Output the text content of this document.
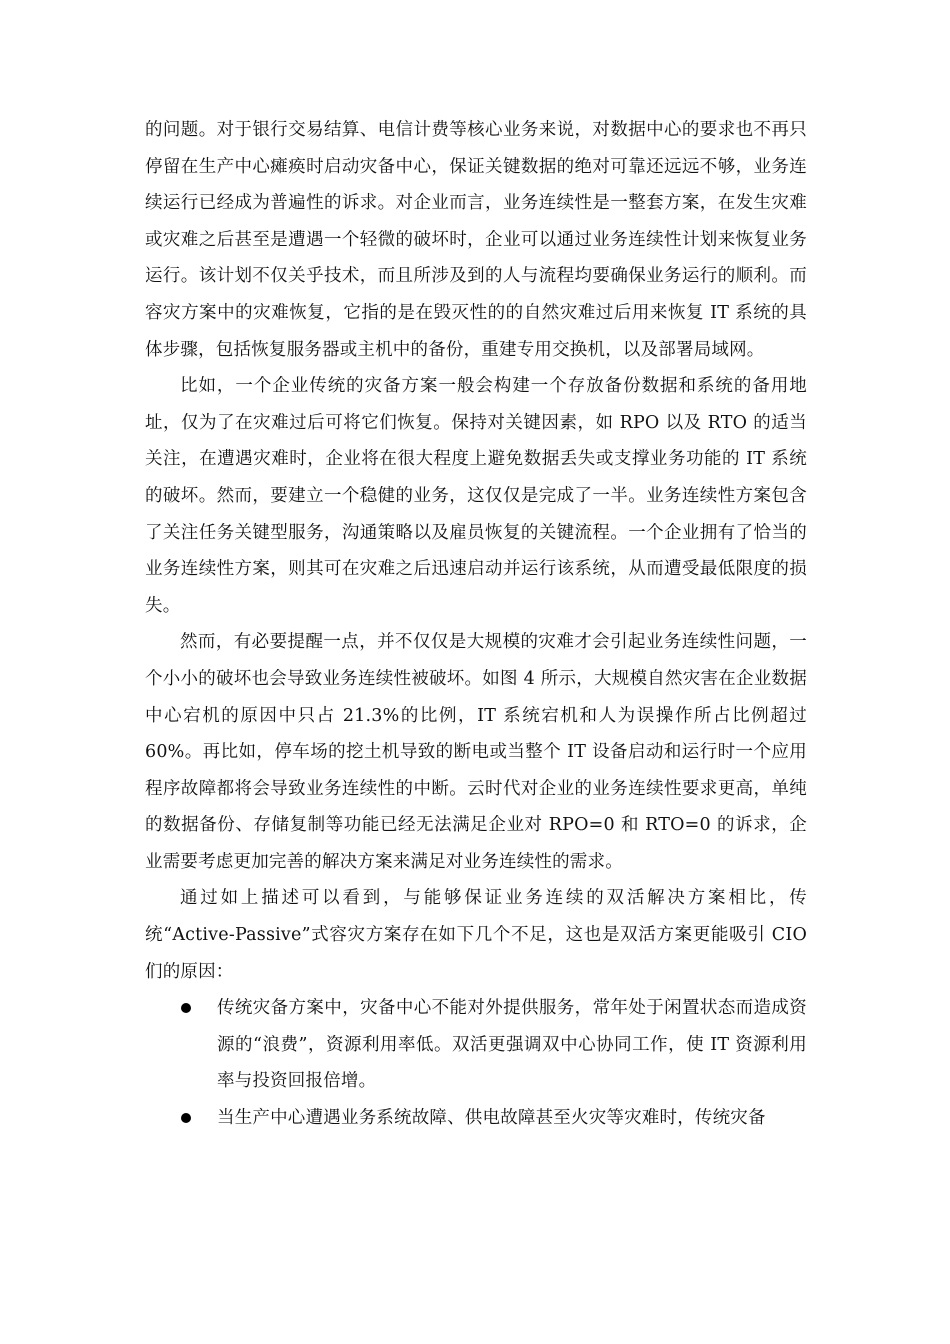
的问题。对于银行交易结算、电信计费等核心业务来说，对数据中心的要求也不再只停留在生产中心瘫痪时启动灾备中心，保证关键数据的绝对可靠还远远不够，业务连续运行已经成为普遍性的诉求。对企业而言，业务连续性是一整套方案，在发生灾难或灾难之后甚至是遭遇一个轻微的破坏时，企业可以通过业务连续性计划来恢复业务运行。该计划不仅关乎技术，而且所涉及到的人与流程均要确保业务运行的顺利。而容灾方案中的灾难恢复，它指的是在毁灭性的的自然灾难过后用来恢复 IT 系统的具体步骤，包括恢复服务器或主机中的备份，重建专用交换机，以及部署局域网。

比如，一个企业传统的灾备方案一般会构建一个存放备份数据和系统的备用地址，仅为了在灾难过后可将它们恢复。保持对关键因素，如 RPO 以及 RTO 的适当关注，在遭遇灾难时，企业将在很大程度上避免数据丢失或支撑业务功能的 IT 系统的破坏。然而，要建立一个稳健的业务，这仅仅是完成了一半。业务连续性方案包含了关注任务关键型服务，沟通策略以及雇员恢复的关键流程。一个企业拥有了恰当的业务连续性方案，则其可在灾难之后迅速启动并运行该系统，从而遭受最低限度的损失。

然而，有必要提醒一点，并不仅仅是大规模的灾难才会引起业务连续性问题，一个小小的破坏也会导致业务连续性被破坏。如图 4 所示，大规模自然灾害在企业数据中心宕机的原因中只占 21.3%的比例，IT 系统宕机和人为误操作所占比例超过 60%。再比如，停车场的挖土机导致的断电或当整个 IT 设备启动和运行时一个应用程序故障都将会导致业务连续性的中断。云时代对企业的业务连续性要求更高，单纯的数据备份、存储复制等功能已经无法满足企业对 RPO=0 和 RTO=0 的诉求，企业需要考虑更加完善的解决方案来满足对业务连续性的需求。

通过如上描述可以看到，与能够保证业务连续的双活解决方案相比，传统“Active-Passive”式容灾方案存在如下几个不足，这也是双活方案更能吸引 CIO 们的原因：

传统灾备方案中，灾备中心不能对外提供服务，常年处于闲置状态而造成资源的“浪费”，资源利用率低。双活更强调双中心协同工作，使 IT 资源利用率与投资回报倍增。
当生产中心遭遇业务系统故障、供电故障甚至火灾等灾难时，传统灾备
